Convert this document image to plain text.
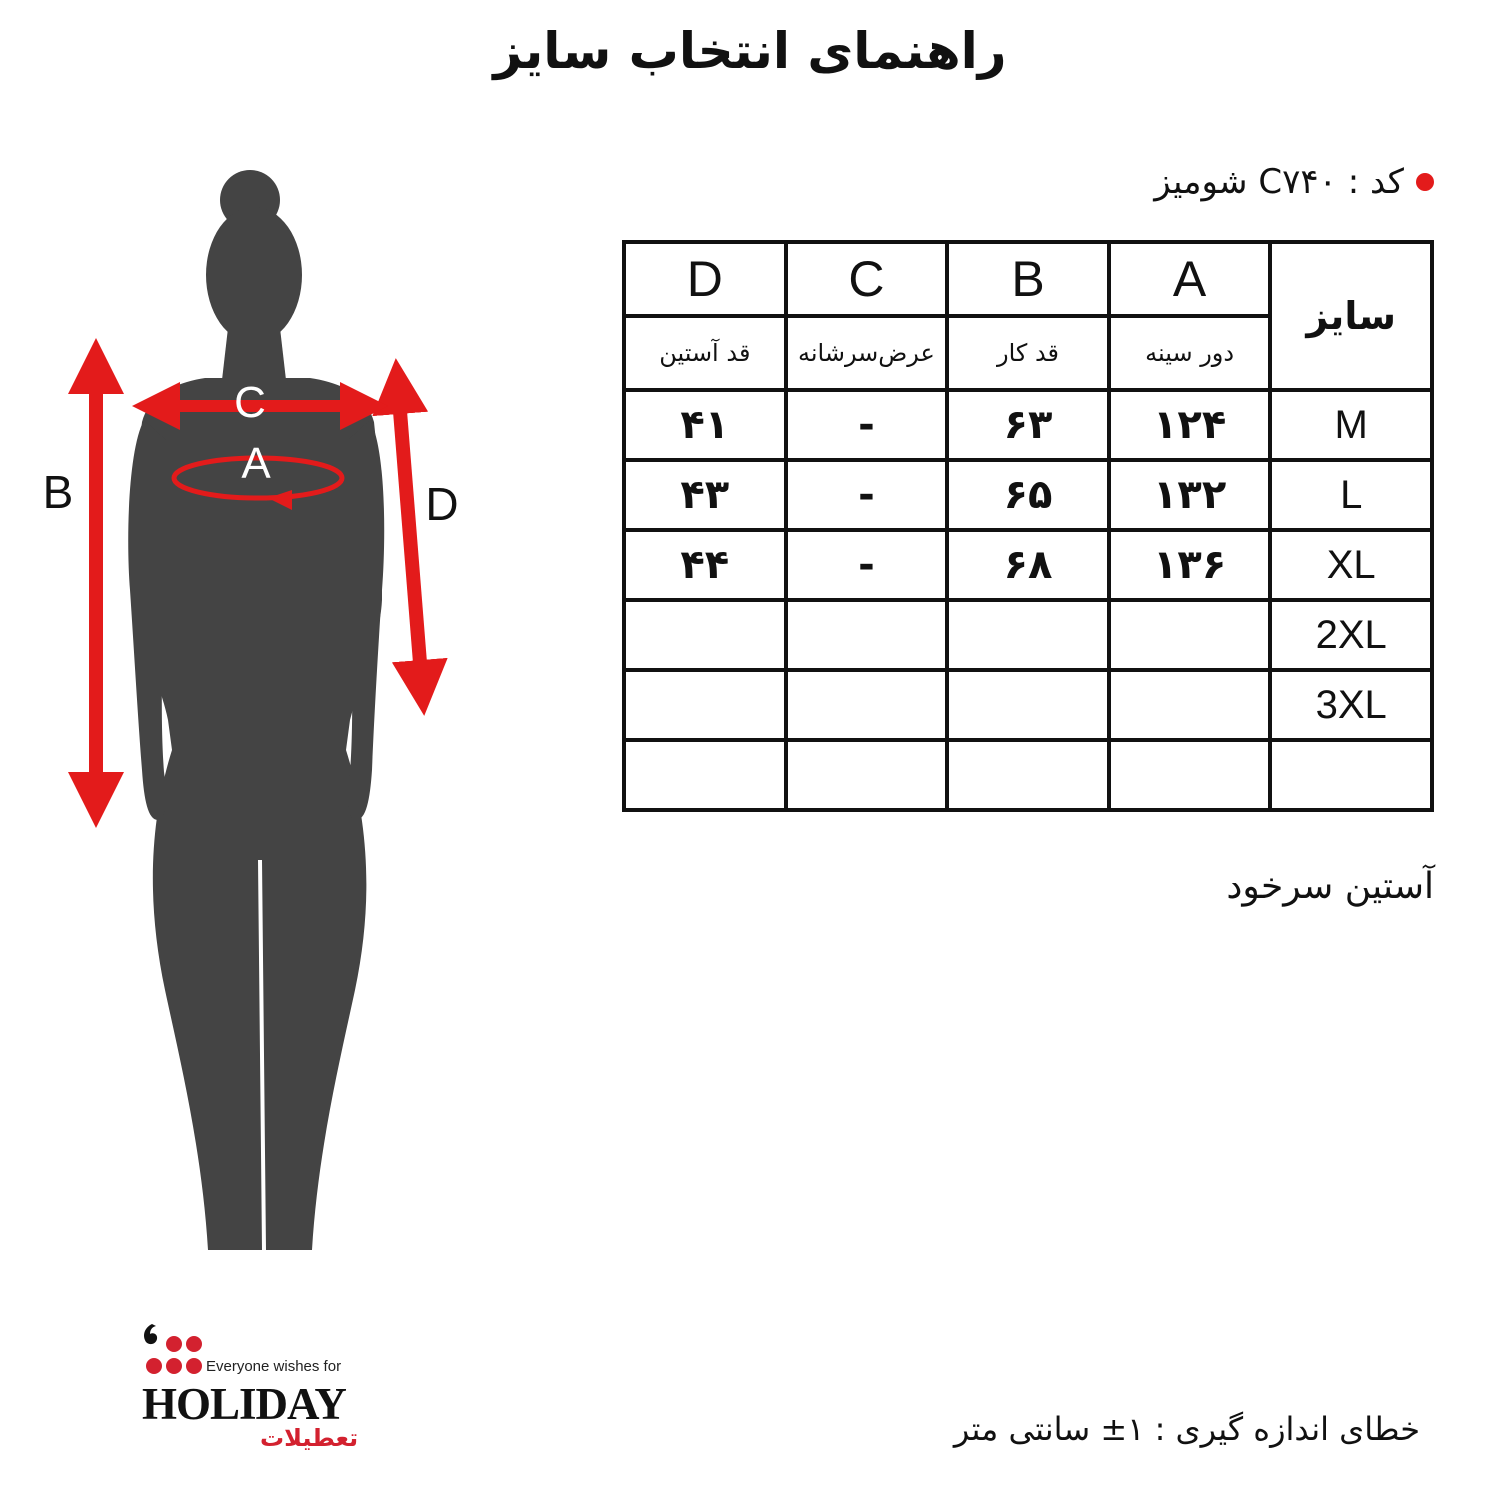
راهنمای انتخاب سایز
کد : C۷۴۰ شومیز
B	D
C
A
سایز	A	B	C	D
	دور سینه	قد کار	عرض‌سرشانه	قد آستین
M	۱۲۴	۶۳	-	۴۱
L	۱۳۲	۶۵	-	۴۳
XL	۱۳۶	۶۸	-	۴۴
2XL				
3XL				

آستین سرخود
خطای اندازه گیری : ۱± سانتی متر
Everyone wishes for
HOLIDAY
تعطیلات
